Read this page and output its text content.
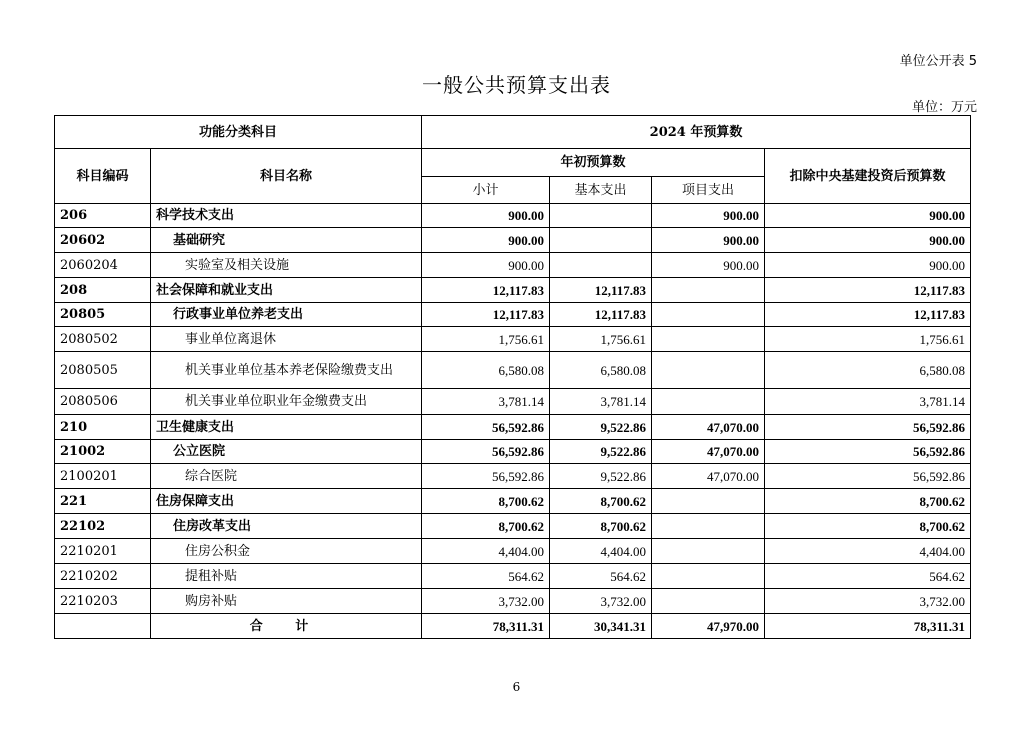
单位公开表 5
一般公共预算支出表
单位：万元
功能分类科目		2024 年预算数			
科目编码	科目名称	年初预算数			扣除中央基建投资后预算数
		小计	基本支出	项目支出	
206	科学技术支出	900.00		900.00	900.00
20602	基础研究	900.00		900.00	900.00
2060204	实验室及相关设施	900.00		900.00	900.00
208	社会保障和就业支出	12,117.83	12,117.83		12,117.83
20805	行政事业单位养老支出	12,117.83	12,117.83		12,117.83
2080502	事业单位离退休	1,756.61	1,756.61		1,756.61
2080505	机关事业单位基本养老保险缴费支出	6,580.08	6,580.08		6,580.08
2080506	机关事业单位职业年金缴费支出	3,781.14	3,781.14		3,781.14
210	卫生健康支出	56,592.86	9,522.86	47,070.00	56,592.86
21002	公立医院	56,592.86	9,522.86	47,070.00	56,592.86
2100201	综合医院	56,592.86	9,522.86	47,070.00	56,592.86
221	住房保障支出	8,700.62	8,700.62		8,700.62
22102	住房改革支出	8,700.62	8,700.62		8,700.62
2210201	住房公积金	4,404.00	4,404.00		4,404.00
2210202	提租补贴	564.62	564.62		564.62
2210203	购房补贴	3,732.00	3,732.00		3,732.00
	合 计	78,311.31	30,341.31	47,970.00	78,311.31
6
